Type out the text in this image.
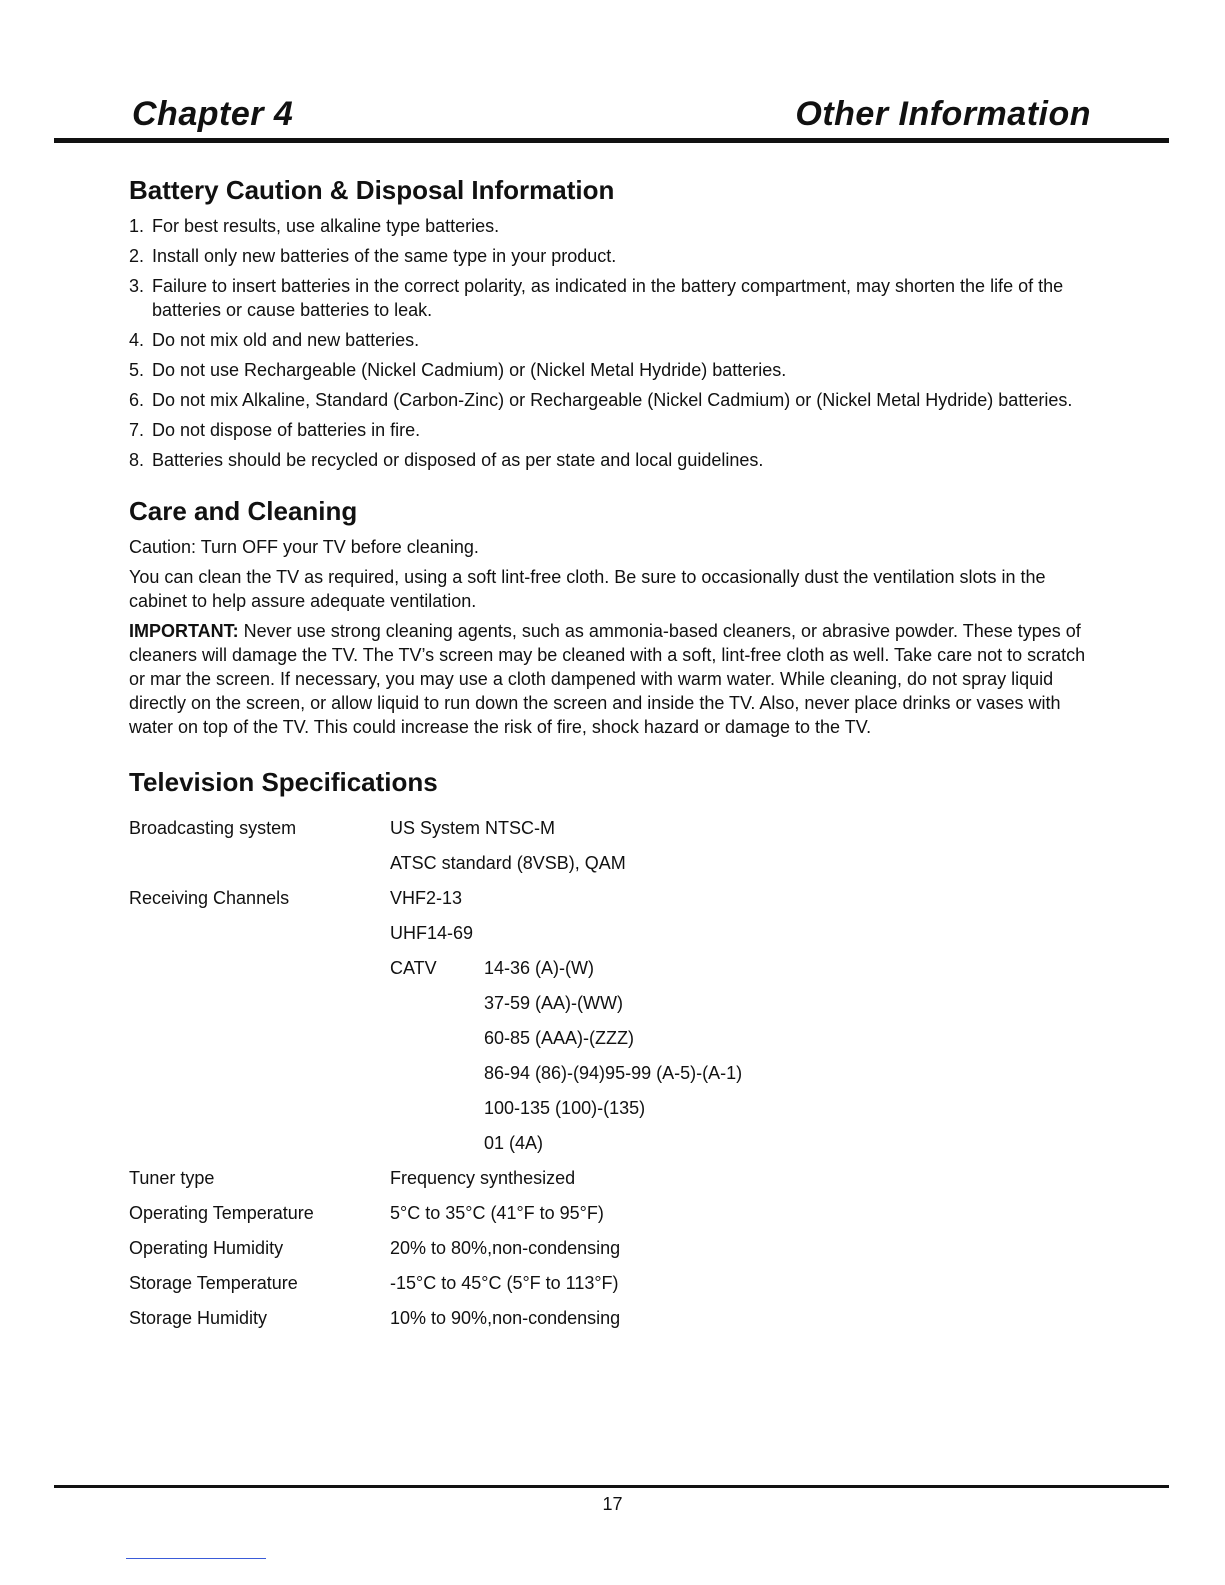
Chapter 4	Other Information
Battery Caution & Disposal Information
1. For best results, use alkaline type batteries.
2. Install only new batteries of the same type in your product.
3. Failure to insert batteries in the correct polarity, as indicated in the battery compartment, may shorten the life of the batteries or cause batteries to leak.
4. Do not mix old and new batteries.
5. Do not use Rechargeable (Nickel Cadmium) or (Nickel Metal Hydride) batteries.
6. Do not mix Alkaline, Standard (Carbon-Zinc) or Rechargeable (Nickel Cadmium) or (Nickel Metal Hydride) batteries.
7. Do not dispose of batteries in fire.
8. Batteries should be recycled or disposed of as per state and local guidelines.
Care and Cleaning

Caution: Turn OFF your TV before cleaning.

You can clean the TV as required, using a soft lint-free cloth. Be sure to occasionally dust the ventilation slots in the cabinet to help assure adequate ventilation.

IMPORTANT: Never use strong cleaning agents, such as ammonia-based cleaners, or abrasive powder. These types of cleaners will damage the TV. The TV’s screen may be cleaned with a soft, lint-free cloth as well. Take care not to scratch or mar the screen. If necessary, you may use a cloth dampened with warm water. While cleaning, do not spray liquid directly on the screen, or allow liquid to run down the screen and inside the TV. Also, never place drinks or vases with water on top of the TV. This could increase the risk of fire, shock hazard or damage to the TV.

Television Specifications
Broadcasting system	US System NTSC-M
ATSC standard (8VSB), QAM
Receiving Channels	VHF2-13
UHF14-69
CATV	14-36 (A)-(W)
37-59 (AA)-(WW)
60-85 (AAA)-(ZZZ)
86-94 (86)-(94)95-99 (A-5)-(A-1)
100-135 (100)-(135)
01 (4A)
Tuner type	Frequency synthesized
Operating Temperature	5°C to 35°C (41°F to 95°F)
Operating Humidity	20% to 80%,non-condensing
Storage Temperature	-15°C to 45°C (5°F to 113°F)
Storage Humidity	10% to 90%,non-condensing
17
